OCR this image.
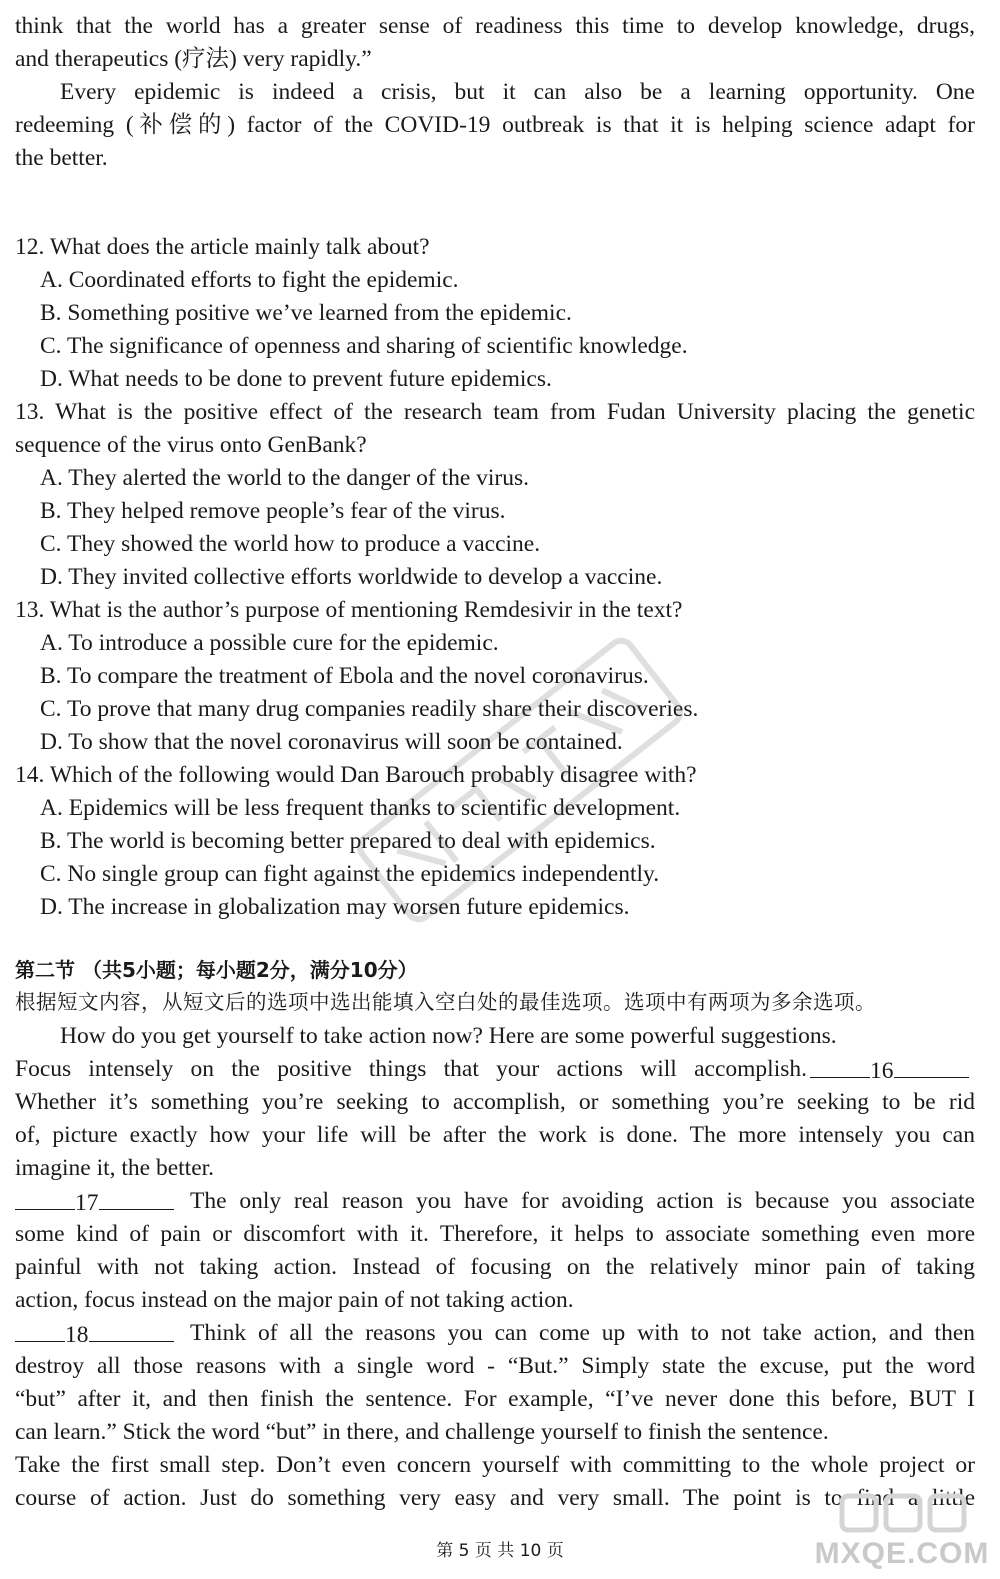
think that the world has a greater sense of readiness this time to develop knowledge, drugs,
and therapeutics (疗法) very rapidly.”
Every epidemic is indeed a crisis, but it can also be a learning opportunity. One
redeeming (补偿的) factor of the COVID-19 outbreak is that it is helping science adapt for
the better.
12. What does the article mainly talk about?
A. Coordinated efforts to fight the epidemic.
B. Something positive we’ve learned from the epidemic.
C. The significance of openness and sharing of scientific knowledge.
D. What needs to be done to prevent future epidemics.
13. What is the positive effect of the research team from Fudan University placing the genetic
sequence of the virus onto GenBank?
A. They alerted the world to the danger of the virus.
B. They helped remove people’s fear of the virus.
C. They showed the world how to produce a vaccine.
D. They invited collective efforts worldwide to develop a vaccine.
13. What is the author’s purpose of mentioning Remdesivir in the text?
A. To introduce a possible cure for the epidemic.
B. To compare the treatment of Ebola and the novel coronavirus.
C. To prove that many drug companies readily share their discoveries.
D. To show that the novel coronavirus will soon be contained.
14. Which of the following would Dan Barouch probably disagree with?
A. Epidemics will be less frequent thanks to scientific development.
B. The world is becoming better prepared to deal with epidemics.
C. No single group can fight against the epidemics independently.
D. The increase in globalization may worsen future epidemics.
第二节 （共5小题；每小题2分，满分10分）
根据短文内容，从短文后的选项中选出能填入空白处的最佳选项。选项中有两项为多余选项。
How do you get yourself to take action now? Here are some powerful suggestions.
Focus intensely on the positive things that your actions will accomplish.	16
Whether it’s something you’re seeking to accomplish, or something you’re seeking to be rid
of, picture exactly how your life will be after the work is done. The more intensely you can
imagine it, the better.
17	The only real reason you have for avoiding action is because you associate
some kind of pain or discomfort with it. Therefore, it helps to associate something even more
painful with not taking action. Instead of focusing on the relatively minor pain of taking
action, focus instead on the major pain of not taking action.
18	Think of all the reasons you can come up with to not take action, and then
destroy all those reasons with a single word - “But.” Simply state the excuse, put the word
“but” after it, and then finish the sentence. For example, “I’ve never done this before, BUT I
can learn.” Stick the word “but” in there, and challenge yourself to finish the sentence.
Take the first small step. Don’t even concern yourself with committing to the whole project or
course of action. Just do something very easy and very small. The point is to find a little
第 5 页 共 10 页	MXQE.COM
